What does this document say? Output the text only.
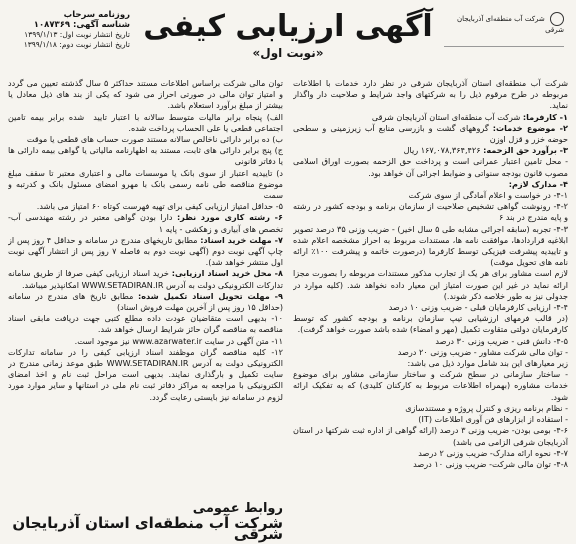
شرکت آب منطقه‌ای آذربایجان شرقی
روزنامه سرحاب
شناسه آگهی: ۱۰۸۷۳۶۹
تاریخ انتشار نوبت اول: ۱۳۹۹/۱/۱۳
تاریخ انتشار نوبت دوم: ۱۳۹۹/۱/۱۸
آگهی ارزیابی کیفی
«نوبت اول»

شرکت آب منطقه‌ای استان آذربایجان شرقی در نظر دارد خدمات با اطلاعات مربوطه در طرح مرقوم ذیل را به شرکتهای واجد شرایط و صلاحیت دار واگذار نماید.

۱- کارفرما: شرکت آب منطقه‌ای استان آذربایجان شرقی

۲- موضوع خدمات: گروههای گشت و بازرسی منابع آب زیرزمینی و سطحی حوضه خزر و قزل اوزن

۳- برآورد حق الزحمه: ۱۶۷,۰۷۸,۳۶۴,۴۲۶ ریال

- محل تامین اعتبار عمرانی است و پرداخت حق الزحمه بصورت اوراق اسلامی مصوب قانون بودجه سنواتی و ضوابط اجرائی آن خواهد بود.

۴- مدارک لازم:

۴-۱- در خواست و اعلام آمادگی از سوی شرکت

۴-۲- رونوشت گواهی تشخیص صلاحیت از سازمان برنامه و بودجه کشور در رشته و پایه مندرج در بند ۶

۴-۳- تجربه (سابقه اجرائی مشابه طی ۵ سال اخیر) - ضریب وزنی ۳۵ درصد تصویر ابلاغیه قرارداد‌ها، موافقت نامه ها، مستندات مربوط به احراز مشخصه اعلام شده و تاییدیه پیشرفت فیزیکی توسط کارفرما (درصورت خاتمه و پیشرفت ۱۰۰٪ ارائه نامه های تحویل موقت)

لازم است مشاور برای هر یک از تجارب مذکور مستندات مربوطه را بصورت مجزا ارائه نماید در غیر این صورت امتیاز این معیار داده نخواهد شد. (کلیه موارد در جدولی نیز به طور خلاصه ذکر شوند.)

۴-۴- ارزیابی کارفرمایان قبلی - ضریب وزنی ۱۰ درصد

(در قالب فرمهای ارزشیابی تیپ سازمان برنامه و بودجه کشور که توسط کارفرمایان دولتی متقاوت تکمیل (مهر و امضاء) شده باشد صورت خواهد گرفت).

۴-۵- دانش فنی - ضریب وزنی ۳۰ درصد

- توان مالی شرکت مشاور - ضریب وزنی ۲۰ درصد

زیر معیارهای این بند شامل موارد ذیل می باشد:

- ساختار سازمانی در سطح شرکت و ساختار سازمانی مشاور برای موضوع خدمات مشاوره (بهمراه اطلاعات مربوط به کارکنان کلیدی) که به تفکیک ارائه شود.

- نظام برنامه ریزی و کنترل پروژه و مستندسازی

- استفاده از ابزارهای فن آوری اطلاعات (IT)

۴-۶- بومی بودن- ضریب وزنی ۳ درصد (ارائه گواهی از اداره ثبت شرکتها در استان آذربایجان شرقی الزامی می باشد)

۴-۷- نحوه ارائه مدارک- ضریب وزنی ۲ درصد

۴-۸- توان مالی شرکت- ضریب وزنی ۱۰ درصد

توان مالی شرکت براساس اطلاعات مستند حداکثر ۵ سال گذشته تعیین می گردد و امتیاز توان مالی در صورتی احراز می شود که یکی از بند های ذیل معادل یا بیشتر از مبلغ برآورد استعلام باشد.

الف) پنجاه برابر مالیات متوسط سالانه با اعتبار تایید ‌ شده برابر بیمه تامین اجتماعی قطعی یا علی الحساب پرداخت شده.

ب) ده برابر دارائی ناخالص سالانه مستند صورت حساب های قطعی یا موقت

ج) پنج برابر دارائی های ثابت، مستند به اظهارنامه مالیاتی یا گواهی بیمه دارائی ها یا دفاتر قانونی

د) تاییدیه اعتبار از سوی بانک یا موسسات مالی و اعتباری معتبر تا سقف مبلغ موضوع مناقصه طی نامه رسمی بانک با مهرو امضای مسئول بانک و کدرتبه و سمت

۵- حداقل امتیاز ارزیابی کیفی برای تهیه فهرست کوتاه ۶۰ امتیاز می باشد.

۶- رشته کاری مورد نظر: دارا بودن گواهی معتبر در رشته مهندسی آب- تخصص های آبیاری و زهکشی - پایه ۱

۷- مهلت خرید اسناد: مطابق تاریخهای مندرج در سامانه و حداقل ۴ روز پس از چاپ آگهی نوبت دوم (آگهی نوبت دوم به فاصله ۷ روز پس از انتشار آگهی نوبت اول منتشر خواهد شد).

۸- محل خرید اسناد ارزیابی: خرید اسناد ارزیابی کیفی صرفا از طریق سامانه تدارکات الکترونیکی دولت به آدرس WWW.SETADIRAN.IR امکانپذیر میباشد.

۹- مهلت تحویل اسناد تکمیل شده: مطابق تاریخ های مندرج در سامانه (حداقل ۱۵ روز پس از آخرین مهلت فروش اسناد)

۱۰- بدیهی است متقاضیان عودت داده مطلع کتبی جهت دریافت مابقی اسناد مناقصه به مناقصه گران حائز شرایط ارسال خواهد شد.

۱۱- متن آگهی در سایت www.azarwater.ir نیز موجود است.

۱۲- کلیه مناقصه گران موظفند اسناد ارزیابی کیفی را در سامانه تدارکات الکترونیکی دولت به آدرس WWW.SETADIRAN.IR طبق موعد زمانی مندرج در سایت تکمیل و بارگذاری نمایند. بدیهی است مراحل ثبت نام و اخذ امضای الکترونیکی با مراجعه به مراکز دفاتر ثبت نام ملی در استانها و سایر موارد مورد لزوم در سامانه نیز بایستی رعایت گردد.

روابط عمومی
شرکت آب منطقه‌ای استان آذربایجان شرقی
